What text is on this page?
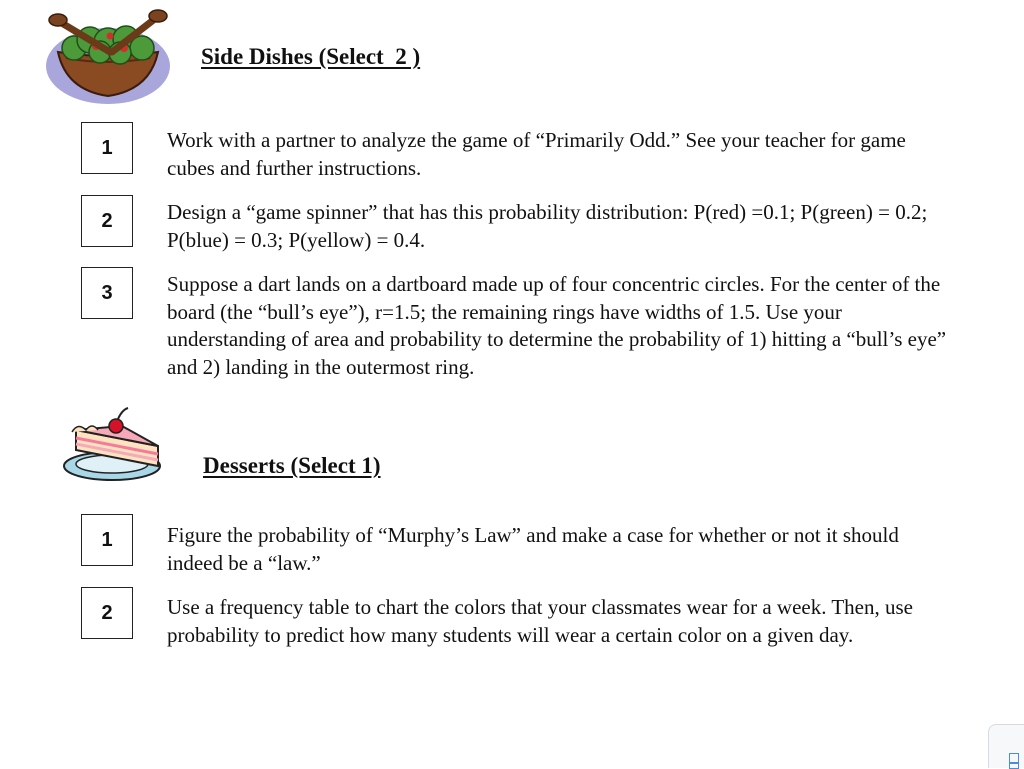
Side Dishes (Select  2 )
1	Work with a partner to analyze the game of “Primarily Odd.” See your teacher for game cubes and further instructions.
2	Design a “game spinner” that has this probability distribution: P(red) =0.1; P(green) = 0.2; P(blue) = 0.3; P(yellow) = 0.4.
3	Suppose a dart lands on a dartboard made up of four concentric circles. For the center of the board (the “bull’s eye”), r=1.5; the remaining rings have widths of 1.5. Use your understanding of area and probability to determine the probability of 1) hitting a “bull’s eye” and 2) landing in the outermost ring.
Desserts (Select 1)
1	Figure the probability of “Murphy’s Law” and make a case for whether or not it should indeed be a “law.”
2	Use a frequency table to chart the colors that your classmates wear for a week. Then, use probability to predict how many students will wear a certain color on a given day.
